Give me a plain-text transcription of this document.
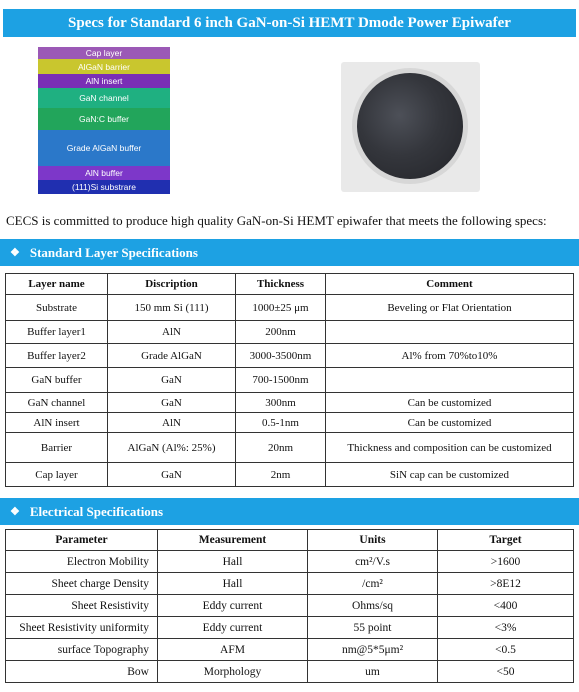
Specs for Standard 6 inch GaN-on-Si HEMT Dmode Power Epiwafer
Cap layer
AlGaN barrier
AlN insert
GaN channel
GaN:C buffer
Grade AlGaN buffer
AlN buffer
(111)Si substrare
CECS is committed to produce high quality GaN-on-Si HEMT epiwafer that meets the following specs:
❖ Standard Layer Specifications
Layer name	Discription	Thickness	Comment
Substrate	150 mm Si (111)	1000±25 μm	Beveling or Flat Orientation
Buffer layer1	AlN	200nm	
Buffer layer2	Grade AlGaN	3000-3500nm	Al% from 70%to10%
GaN buffer	GaN	700-1500nm	
GaN channel	GaN	300nm	Can be customized
AlN insert	AlN	0.5-1nm	Can be customized
Barrier	AlGaN (Al%: 25%)	20nm	Thickness and composition can be customized
Cap layer	GaN	2nm	SiN cap can be customized
❖ Electrical Specifications
Parameter	Measurement	Units	Target
Electron Mobility	Hall	cm²/V.s	>1600
Sheet charge Density	Hall	/cm²	>8E12
Sheet Resistivity	Eddy current	Ohms/sq	<400
Sheet Resistivity uniformity	Eddy current	55 point	<3%
surface Topography	AFM	nm@5*5μm²	<0.5
Bow	Morphology	um	<50
